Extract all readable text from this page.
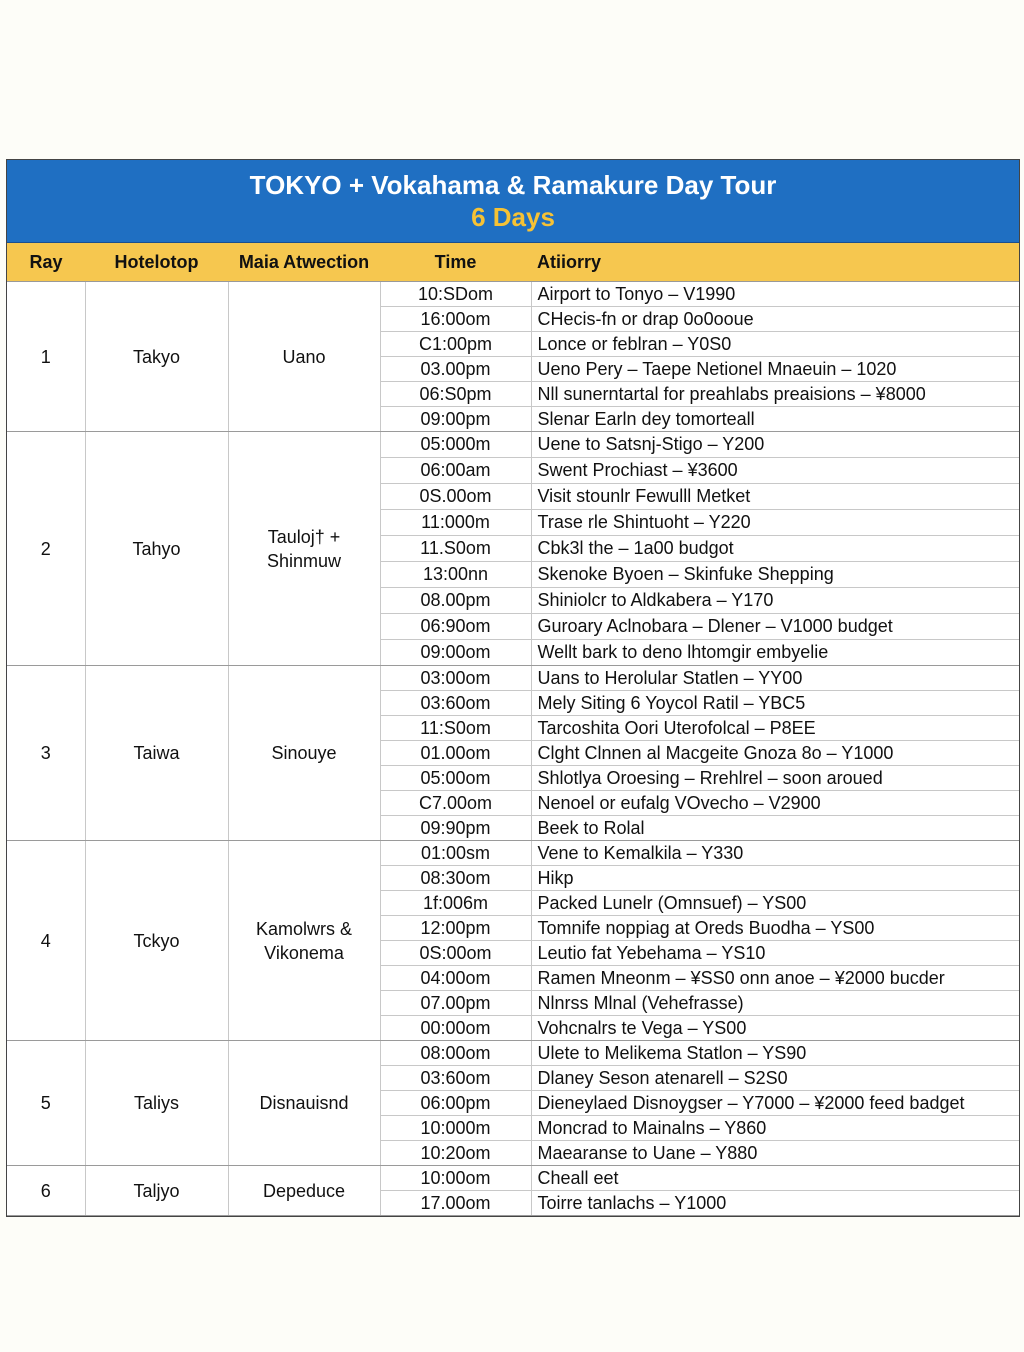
TOKYO + Vokahama & Ramakure Day Tour
6 Days
Ray	Hotelotop	Maia Atwection	Time	Atiiorry
1	Takyo	Uano	10:SDom	Airport to Tonyo – V1990
			16:00om	CHecis-fn or drap 0o0ooue
			C1:00pm	Lonce or feblran – Y0S0
			03.00pm	Ueno Pery – Taepe Netionel Mnaeuin – 1020
			06:S0pm	Nll sunerntartal for preahlabs preaisions – ¥8000
			09:00pm	Slenar Earln dey tomorteall
2	Tahyo	Tauloj† + Shinmuw	05:000m	Uene to Satsnj-Stigo – Y200
			06:00am	Swent Prochiast – ¥3600
			0S.00om	Visit stounlr Fewulll Metket
			11:000m	Trase rle Shintuoht – Y220
			11.S0om	Cbk3l the – 1a00 budgot
			13:00nn	Skenoke Byoen – Skinfuke Shepping
			08.00pm	Shiniolcr to Aldkabera – Y170
			06:90om	Guroary Aclnobara – Dlener – V1000 budget
			09:00om	Wellt bark to deno lhtomgir embyelie
3	Taiwa	Sinouye	03:00om	Uans to Herolular Statlen – YY00
			03:60om	Mely Siting 6 Yoycol Ratil – YBC5
			11:S0om	Tarcoshita Oori Uterofolcal – P8EE
			01.00om	Clght Clnnen al Macgeite Gnoza 8o – Y1000
			05:00om	Shlotlya Oroesing – Rrehlrel – soon aroued
			C7.00om	Nenoel or eufalg VOvecho – V2900
			09:90pm	Beek to Rolal
4	Tckyo	Kamolwrs & Vikonema	01:00sm	Vene to Kemalkila – Y330
			08:30om	Hikp
			1f:006m	Packed Lunelr (Omnsuef) – YS00
			12:00pm	Tomnife noppiag at Oreds Buodha – YS00
			0S:00om	Leutio fat Yebehama – YS10
			04:00om	Ramen Mneonm – ¥SS0 onn anoe – ¥2000 bucder
			07.00pm	Nlnrss Mlnal (Vehefrasse)
			00:00om	Vohcnalrs te Vega – YS00
5	Taliys	Disnauisnd	08:00om	Ulete to Melikema Statlon – YS90
			03:60om	Dlaney Seson atenarell – S2S0
			06:00pm	Dieneylaed Disnoygser – Y7000 – ¥2000 feed badget
			10:000m	Moncrad to Mainalns – Y860
			10:20om	Maearanse to Uane – Y880
6	Taljyo	Depeduce	10:00om	Cheall eet
			17.00om	Toirre tanlachs – Y1000
